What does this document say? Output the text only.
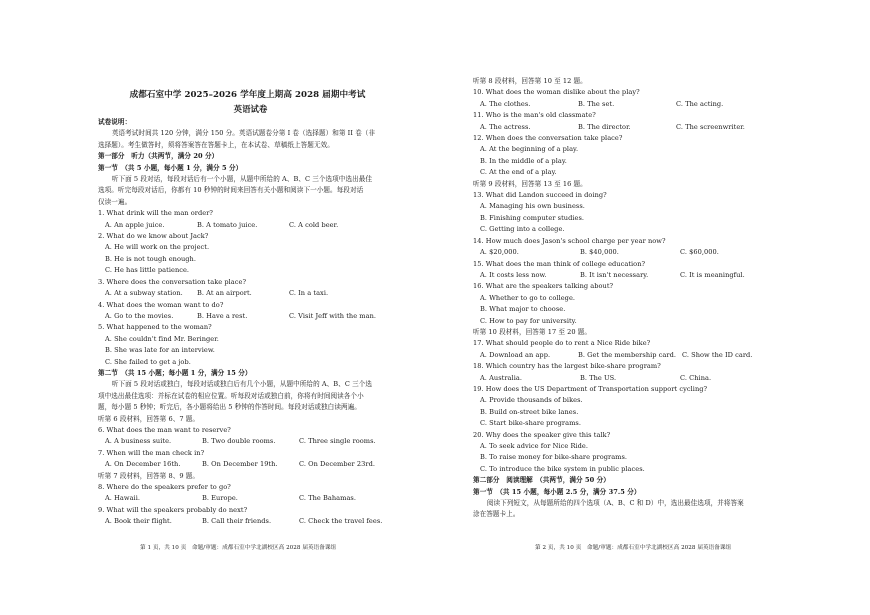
成都石室中学 2025–2026 学年度上期高 2028 届期中考试
英语试卷
试卷说明：
英语考试时间共 120 分钟，满分 150 分。英语试题卷分第 I 卷（选择题）和第 II 卷（非
选择题）。考生做答时，须将答案答在答题卡上，在本试卷、草稿纸上答题无效。
第一部分　听力（共两节，满分 20 分）
第一节　（共 5 小题，每小题 1 分，满分 5 分）
听下面 5 段对话，每段对话后有一个小题，从题中所给的 A、B、C 三个选项中选出最佳
选项。听完每段对话后，你都有 10 秒钟的时间来回答有关小题和阅读下一小题。每段对话
仅读一遍。
1. What drink will the man order?
A. An apple juice.	B. A tomato juice.	C. A cold beer.
2. What do we know about Jack?
A. He will work on the project.
B. He is not tough enough.
C. He has little patience.
3. Where does the conversation take place?
A. At a subway station.	B. At an airport.	C. In a taxi.
4. What does the woman want to do?
A. Go to the movies.	B. Have a rest.	C. Visit Jeff with the man.
5. What happened to the woman?
A. She couldn't find Mr. Beringer.
B. She was late for an interview.
C. She failed to get a job.
第二节　（共 15 小题；每小题 1 分，满分 15 分）
听下面 5 段对话或独白，每段对话或独白后有几个小题，从题中所给的 A、B、C 三个选
项中选出最佳选项：并标在试卷的相应位置。听每段对话或独白前，你将有时间阅读各个小
题，每小题 5 秒钟；听完后，各小题将给出 5 秒钟的作答时间。每段对话或独白读两遍。
听第 6 段材料，回答第 6、7 题。
6. What does the man want to reserve?
A. A business suite.	B. Two double rooms.	C. Three single rooms.
7. When will the man check in?
A. On December 16th.	B. On December 19th.	C. On December 23rd.
听第 7 段材料，回答第 8、9 题。
8. Where do the speakers prefer to go?
A. Hawaii.	B. Europe.	C. The Bahamas.
9. What will the speakers probably do next?
A. Book their flight.	B. Call their friends.	C. Check the travel fees.
第 1 页，共 10 页　命题/审题：成都石室中学北湖校区高 2028 届英语备课组
听第 8 段材料，回答第 10 至 12 题。
10. What does the woman dislike about the play?
A. The clothes.	B. The set.	C. The acting.
11. Who is the man's old classmate?
A. The actress.	B. The director.	C. The screenwriter.
12. When does the conversation take place?
A. At the beginning of a play.
B. In the middle of a play.
C. At the end of a play.
听第 9 段材料，回答第 13 至 16 题。
13. What did Landon succeed in doing?
A. Managing his own business.
B. Finishing computer studies.
C. Getting into a college.
14. How much does Jason's school charge per year now?
A. $20,000.	B. $40,000.	C. $60,000.
15. What does the man think of college education?
A. It costs less now.	B. It isn't necessary.	C. It is meaningful.
16. What are the speakers talking about?
A. Whether to go to college.
B. What major to choose.
C. How to pay for university.
听第 10 段材料，回答第 17 至 20 题。
17. What should people do to rent a Nice Ride bike?
A. Download an app.	B. Get the membership card. C. Show the ID card.
18. Which country has the largest bike-share program?
A. Australia.	B. The US.	C. China.
19. How does the US Department of Transportation support cycling?
A. Provide thousands of bikes.
B. Build on-street bike lanes.
C. Start bike-share programs.
20. Why does the speaker give this talk?
A. To seek advice for Nice Ride.
B. To raise money for bike-share programs.
C. To introduce the bike system in public places.
第二部分　阅读理解　（共两节，满分 50 分）
第一节　（共 15 小题，每小题 2.5 分，满分 37.5 分）
阅读下列短文，从每题所给的四个选项（A、B、C 和 D）中，选出最佳选项，并将答案
涂在答题卡上。
第 2 页，共 10 页　命题/审题：成都石室中学北湖校区高 2028 届英语备课组
